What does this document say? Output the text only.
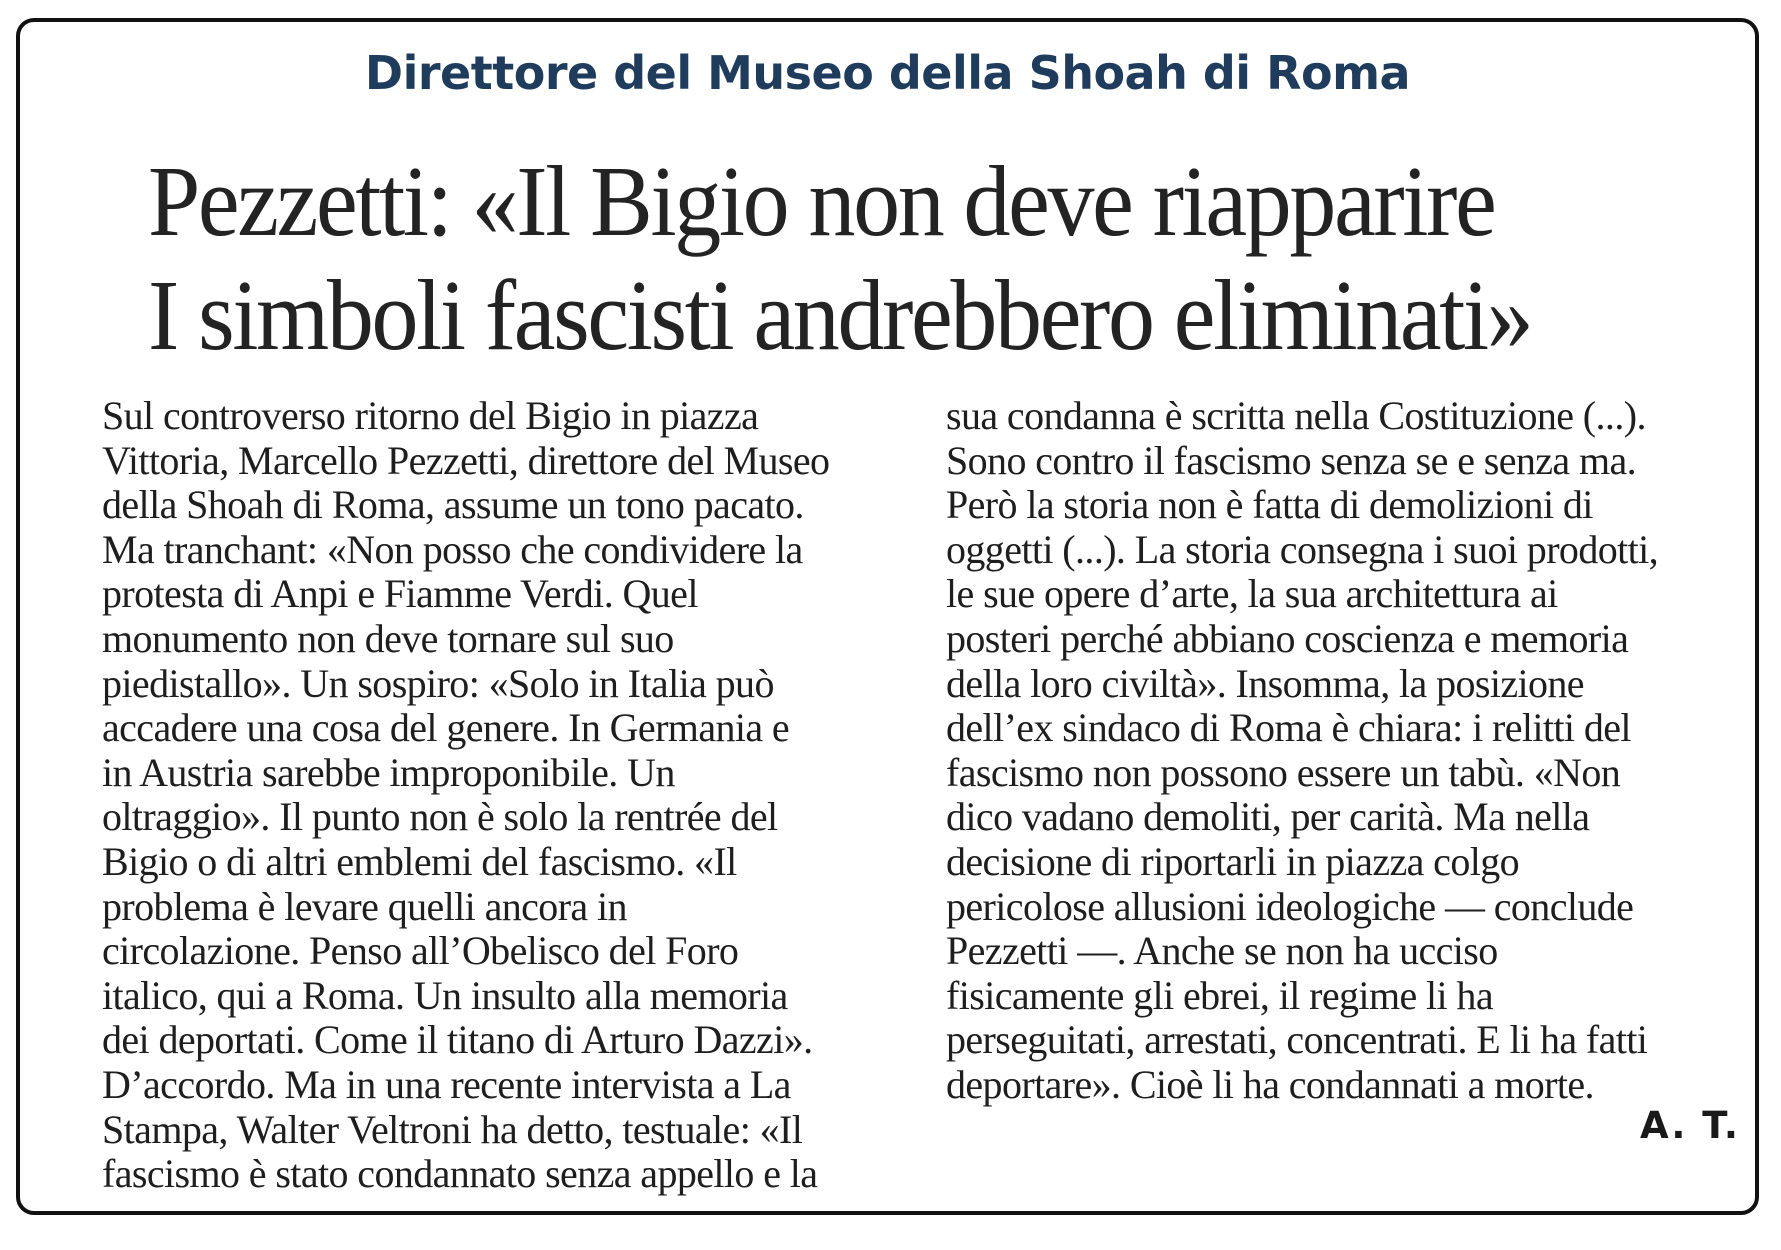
Direttore del Museo della Shoah di Roma
Pezzetti: «Il Bigio non deve riapparire
I simboli fascisti andrebbero eliminati»
Sul controverso ritorno del Bigio in piazza
Vittoria, Marcello Pezzetti, direttore del Museo
della Shoah di Roma, assume un tono pacato.
Ma tranchant: «Non posso che condividere la
protesta di Anpi e Fiamme Verdi. Quel
monumento non deve tornare sul suo
piedistallo». Un sospiro: «Solo in Italia può
accadere una cosa del genere. In Germania e
in Austria sarebbe improponibile. Un
oltraggio». Il punto non è solo la rentrée del
Bigio o di altri emblemi del fascismo. «Il
problema è levare quelli ancora in
circolazione. Penso all’Obelisco del Foro
italico, qui a Roma. Un insulto alla memoria
dei deportati. Come il titano di Arturo Dazzi».
D’accordo. Ma in una recente intervista a La
Stampa, Walter Veltroni ha detto, testuale: «Il
fascismo è stato condannato senza appello e la
sua condanna è scritta nella Costituzione (...).
Sono contro il fascismo senza se e senza ma.
Però la storia non è fatta di demolizioni di
oggetti (...). La storia consegna i suoi prodotti,
le sue opere d’arte, la sua architettura ai
posteri perché abbiano coscienza e memoria
della loro civiltà». Insomma, la posizione
dell’ex sindaco di Roma è chiara: i relitti del
fascismo non possono essere un tabù. «Non
dico vadano demoliti, per carità. Ma nella
decisione di riportarli in piazza colgo
pericolose allusioni ideologiche — conclude
Pezzetti —. Anche se non ha ucciso
fisicamente gli ebrei, il regime li ha
perseguitati, arrestati, concentrati. E li ha fatti
deportare». Cioè li ha condannati a morte.
A. T.
